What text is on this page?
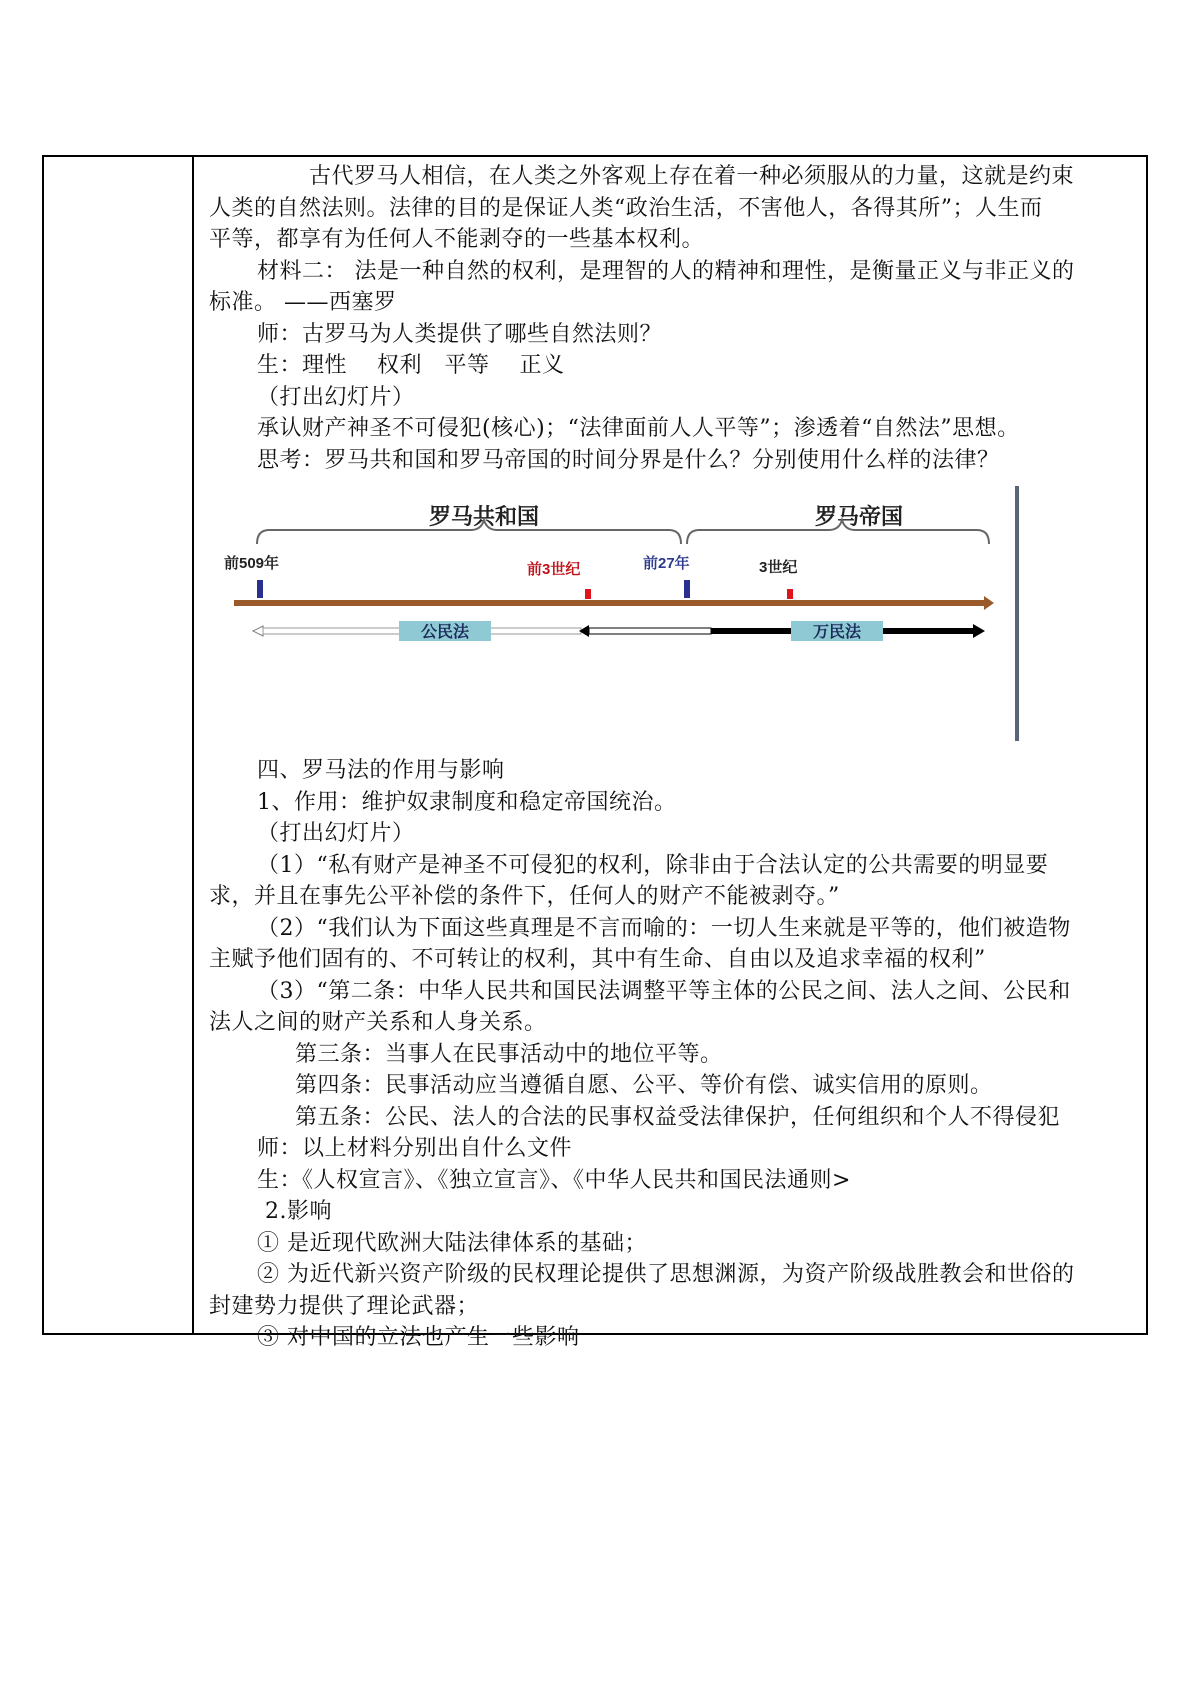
古代罗马人相信，在人类之外客观上存在着一种必须服从的力量，这就是约束
人类的自然法则。法律的目的是保证人类“政治生活，不害他人，各得其所”；人生而
平等，都享有为任何人不能剥夺的一些基本权利。
材料二： 法是一种自然的权利，是理智的人的精神和理性，是衡量正义与非正义的
标准。 ——西塞罗
师：古罗马为人类提供了哪些自然法则？
生：理性　 权利　平等　 正义
（打出幻灯片）
承认财产神圣不可侵犯(核心)；“法律面前人人平等”；渗透着“自然法”思想。
思考：罗马共和国和罗马帝国的时间分界是什么？分别使用什么样的法律？
罗马共和国	罗马帝国
前509年	前3世纪	前27年	3世纪
公民法	万民法
四、罗马法的作用与影响
1、作用：维护奴隶制度和稳定帝国统治。
（打出幻灯片）
（1）“私有财产是神圣不可侵犯的权利，除非由于合法认定的公共需要的明显要
求，并且在事先公平补偿的条件下，任何人的财产不能被剥夺。”
（2）“我们认为下面这些真理是不言而喻的：一切人生来就是平等的，他们被造物
主赋予他们固有的、不可转让的权利，其中有生命、自由以及追求幸福的权利”
（3）“第二条：中华人民共和国民法调整平等主体的公民之间、法人之间、公民和
法人之间的财产关系和人身关系。
第三条：当事人在民事活动中的地位平等。
第四条：民事活动应当遵循自愿、公平、等价有偿、诚实信用的原则。
第五条：公民、法人的合法的民事权益受法律保护，任何组织和个人不得侵犯
师：以上材料分别出自什么文件
生：《人权宣言》、《独立宣言》、《中华人民共和国民法通则>
2.影响
① 是近现代欧洲大陆法律体系的基础；
② 为近代新兴资产阶级的民权理论提供了思想渊源，为资产阶级战胜教会和世俗的
封建势力提供了理论武器；
③ 对中国的立法也产生一些影响
